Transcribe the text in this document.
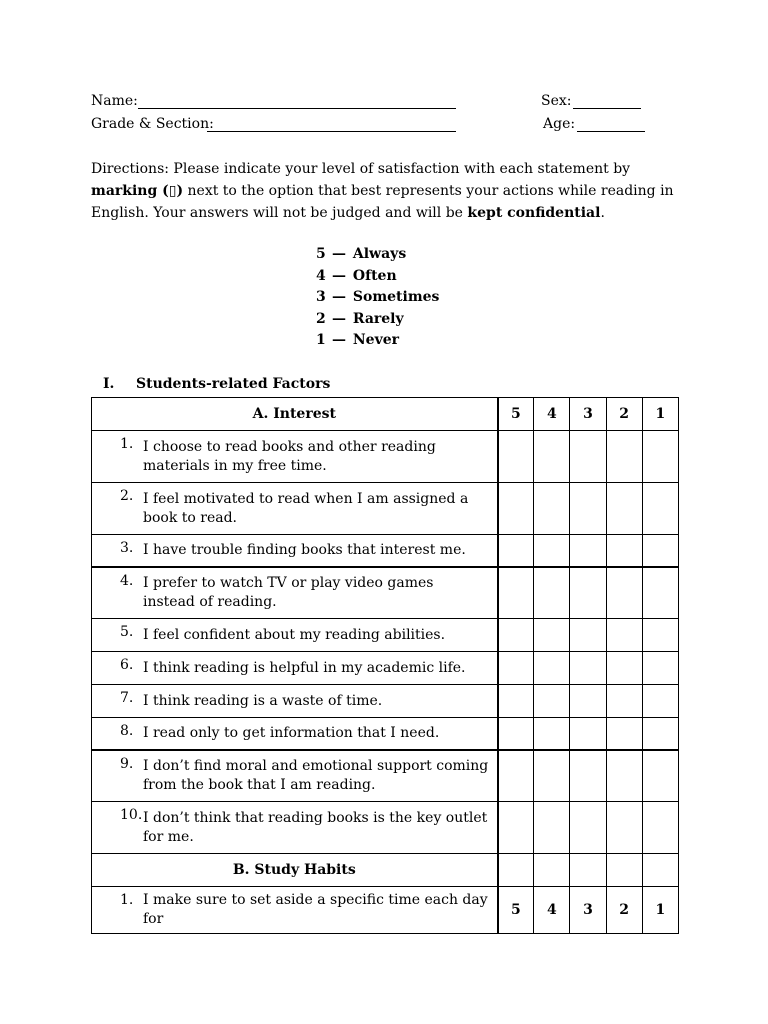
Name:
Grade & Section:
Sex:
Age:
Directions: Please indicate your level of satisfaction with each statement by marking (▯) next to the option that best represents your actions while reading in English. Your answers will not be judged and will be kept confidential.
5 — Always
4 — Often
3 — Sometimes
2 — Rarely
1 — Never
I. Students-related Factors
A. Interest	5	4	3	2	1

1. I choose to read books and other reading materials in my free time.					

2. I feel motivated to read when I am assigned a book to read.					

3. I have trouble finding books that interest me.					

4. I prefer to watch TV or play video games instead of reading.					

5. I feel confident about my reading abilities.					

6. I think reading is helpful in my academic life.					

7. I think reading is a waste of time.					

8. I read only to get information that I need.					

9. I don’t find moral and emotional support coming from the book that I am reading.					

10. I don’t think that reading books is the key outlet for me.					

B. Study Habits					

1. I make sure to set aside a specific time each day for	5	4	3	2	1
